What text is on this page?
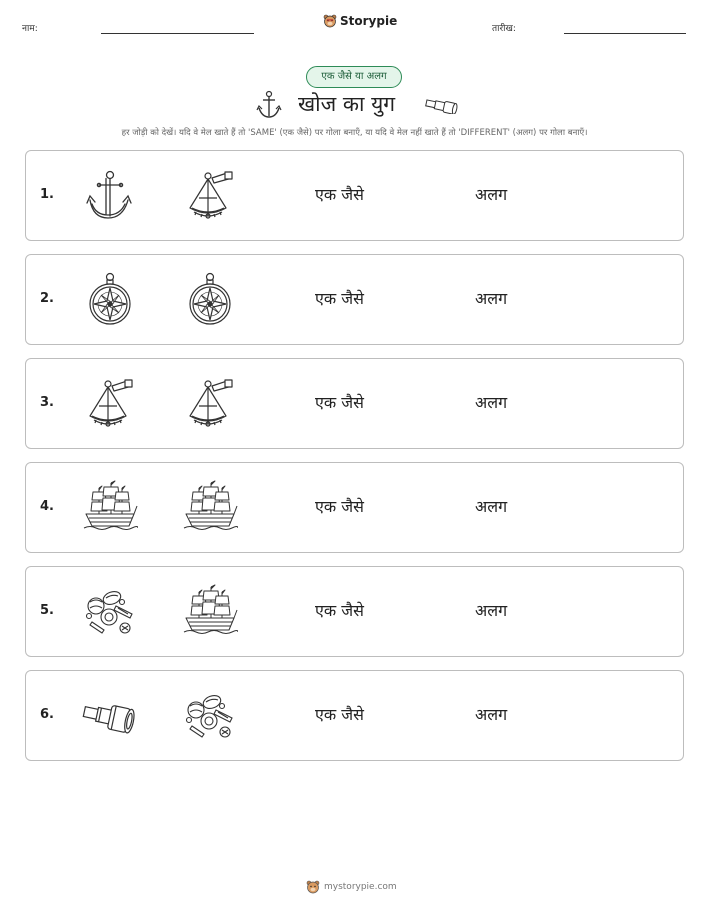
नाम:
Storypie
तारीख:
एक जैसे या अलग
खोज का युग
हर जोड़ी को देखें। यदि वे मेल खाते हैं तो 'SAME' (एक जैसे) पर गोला बनाएँ, या यदि वे मेल नहीं खाते हैं तो 'DIFFERENT' (अलग) पर गोला बनाएँ।
1.	एक जैसे	अलग
2.	एक जैसे	अलग
3.	एक जैसे	अलग
4.	एक जैसे	अलग
5.	एक जैसे	अलग
6.	एक जैसे	अलग
mystorypie.com
